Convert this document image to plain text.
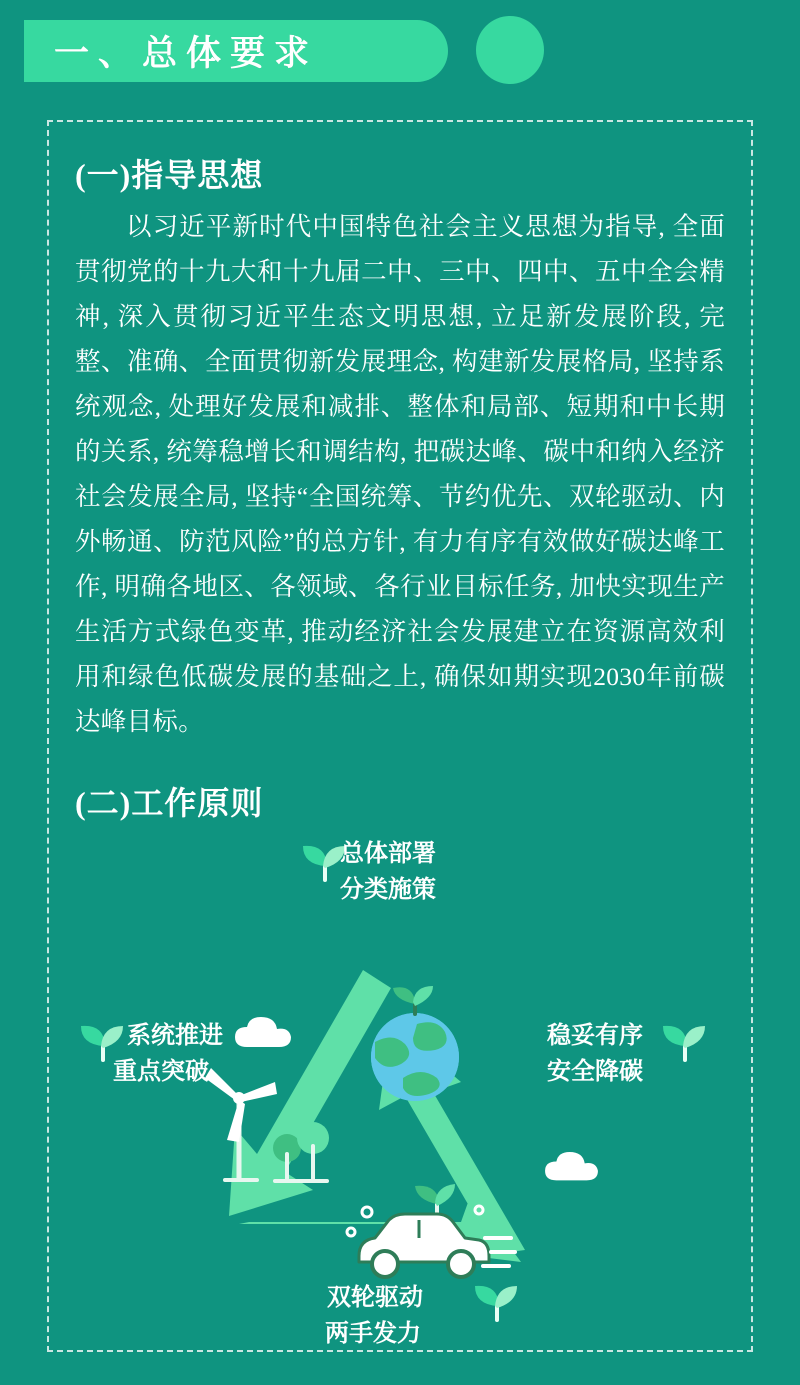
一、总体要求
(一)指导思想

以习近平新时代中国特色社会主义思想为指导, 全面贯彻党的十九大和十九届二中、三中、四中、五中全会精神, 深入贯彻习近平生态文明思想, 立足新发展阶段, 完整、准确、全面贯彻新发展理念, 构建新发展格局, 坚持系统观念, 处理好发展和减排、整体和局部、短期和中长期的关系, 统筹稳增长和调结构, 把碳达峰、碳中和纳入经济社会发展全局, 坚持“全国统筹、节约优先、双轮驱动、内外畅通、防范风险”的总方针, 有力有序有效做好碳达峰工作, 明确各地区、各领域、各行业目标任务, 加快实现生产生活方式绿色变革, 推动经济社会发展建立在资源高效利用和绿色低碳发展的基础之上, 确保如期实现2030年前碳达峰目标。

(二)工作原则
总体部署
分类施策
系统推进
重点突破
稳妥有序
安全降碳
双轮驱动
两手发力
